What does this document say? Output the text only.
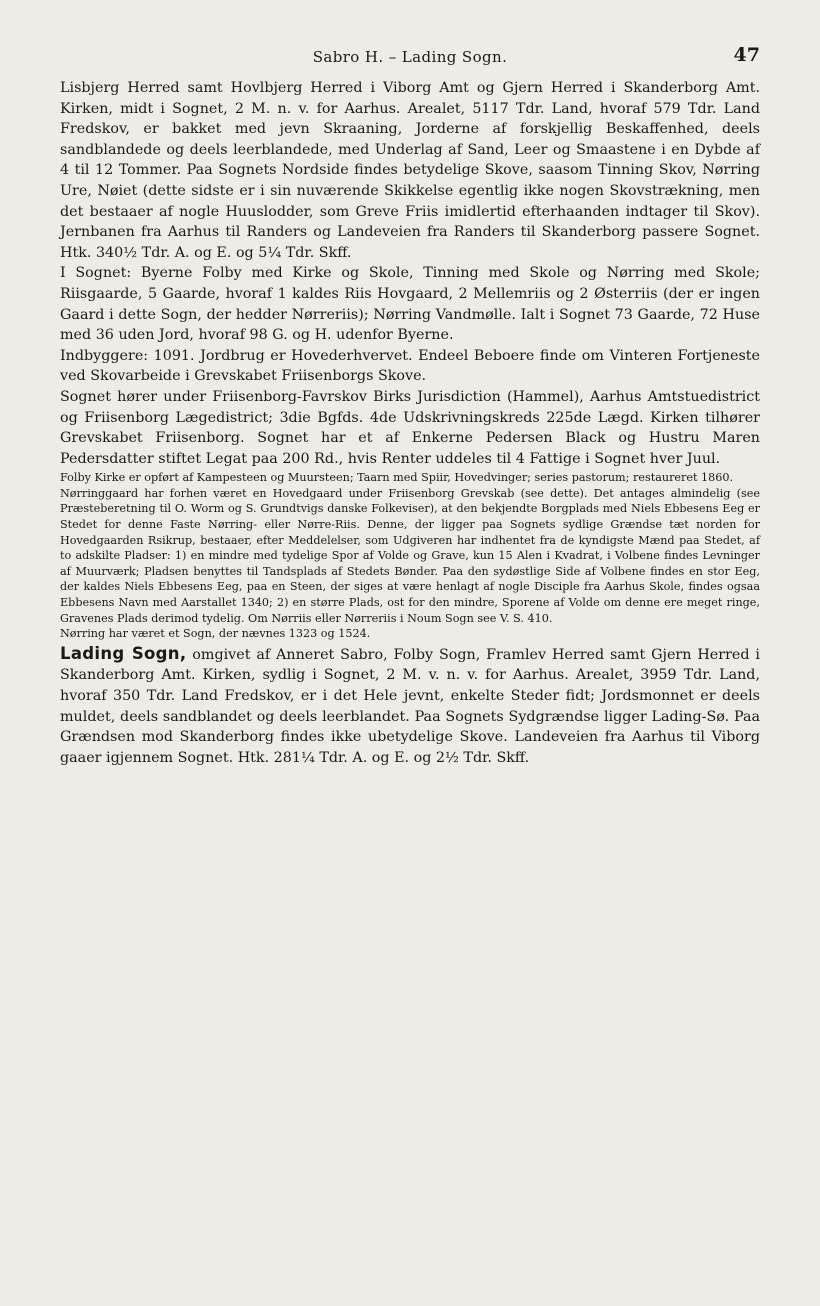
Sabro H. – Lading Sogn.	47

Lisbjerg Herred samt Hovlbjerg Herred i Viborg Amt og Gjern Herred i Skanderborg Amt. Kirken, midt i Sognet, 2 M. n. v. for Aarhus. Arealet, 5117 Tdr. Land, hvoraf 579 Tdr. Land Fredskov, er bakket med jevn Skraaning, Jorderne af forskjellig Beskaffenhed, deels sandblandede og deels leerblandede, med Underlag af Sand, Leer og Smaastene i en Dybde af 4 til 12 Tommer. Paa Sognets Nordside findes betydelige Skove, saasom Tinning Skov, Nørring Ure, Nøiet (dette sidste er i sin nuværende Skikkelse egentlig ikke nogen Skovstrækning, men det bestaaer af nogle Huuslodder, som Greve Friis imidlertid efterhaanden indtager til Skov). Jernbanen fra Aarhus til Randers og Landeveien fra Randers til Skanderborg passere Sognet. Htk. 340½ Tdr. A. og E. og 5¼ Tdr. Skff.

I Sognet: Byerne Folby med Kirke og Skole, Tinning med Skole og Nørring med Skole; Riisgaarde, 5 Gaarde, hvoraf 1 kaldes Riis Hovgaard, 2 Mellemriis og 2 Østerriis (der er ingen Gaard i dette Sogn, der hedder Nørreriis); Nørring Vandmølle. Ialt i Sognet 73 Gaarde, 72 Huse med 36 uden Jord, hvoraf 98 G. og H. udenfor Byerne.

Indbyggere: 1091. Jordbrug er Hovederhvervet. Endeel Beboere finde om Vinteren Fortjeneste ved Skovarbeide i Grevskabet Friisenborgs Skove.

Sognet hører under Friisenborg-Favrskov Birks Jurisdiction (Hammel), Aarhus Amtstuedistrict og Friisenborg Lægedistrict; 3die Bgfds. 4de Udskrivningskreds 225de Lægd. Kirken tilhører Grevskabet Friisenborg. Sognet har et af Enkerne Pedersen Black og Hustru Maren Pedersdatter stiftet Legat paa 200 Rd., hvis Renter uddeles til 4 Fattige i Sognet hver Juul.

Folby Kirke er opført af Kampesteen og Muursteen; Taarn med Spiir, Hovedvinger; series pastorum; restaureret 1860.

Nørringgaard har forhen været en Hovedgaard under Friisenborg Grevskab (see dette). Det antages almindelig (see Præsteberetning til O. Worm og S. Grundtvigs danske Folkeviser), at den bekjendte Borgplads med Niels Ebbesens Eeg er Stedet for denne Faste Nørring- eller Nørre-Riis. Denne, der ligger paa Sognets sydlige Grændse tæt norden for Hovedgaarden Rsikrup, bestaaer, efter Meddelelser, som Udgiveren har indhentet fra de kyndigste Mænd paa Stedet, af to adskilte Pladser: 1) en mindre med tydelige Spor af Volde og Grave, kun 15 Alen i Kvadrat, i Volbene findes Levninger af Muurværk; Pladsen benyttes til Tandsplads af Stedets Bønder. Paa den sydøstlige Side af Volbene findes en stor Eeg, der kaldes Niels Ebbesens Eeg, paa en Steen, der siges at være henlagt af nogle Disciple fra Aarhus Skole, findes ogsaa Ebbesens Navn med Aarstallet 1340; 2) en større Plads, ost for den mindre, Sporene af Volde om denne ere meget ringe, Gravenes Plads derimod tydelig. Om Nørriis eller Nørreriis i Noum Sogn see V. S. 410.

Nørring har været et Sogn, der nævnes 1323 og 1524.

Lading Sogn, omgivet af Anneret Sabro, Folby Sogn, Framlev Herred samt Gjern Herred i Skanderborg Amt. Kirken, sydlig i Sognet, 2 M. v. n. v. for Aarhus. Arealet, 3959 Tdr. Land, hvoraf 350 Tdr. Land Fredskov, er i det Hele jevnt, enkelte Steder fidt; Jordsmonnet er deels muldet, deels sandblandet og deels leerblandet. Paa Sognets Sydgrændse ligger Lading-Sø. Paa Grændsen mod Skanderborg findes ikke ubetydelige Skove. Landeveien fra Aarhus til Viborg gaaer igjennem Sognet. Htk. 281¼ Tdr. A. og E. og 2½ Tdr. Skff.
